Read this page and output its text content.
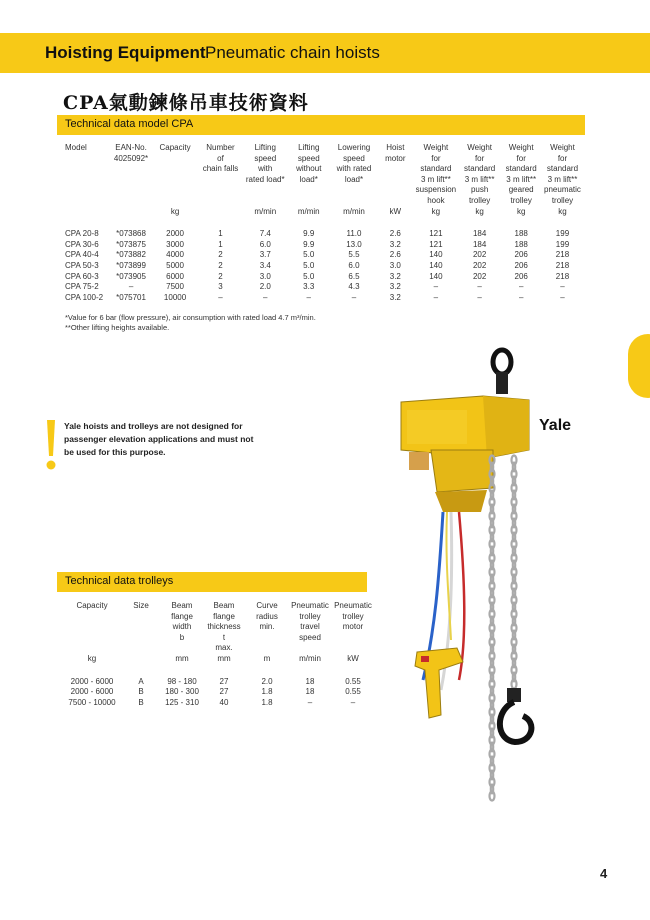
Hoisting Equipment Pneumatic chain hoists
CPA氣動鍊條吊車技術資料
Technical data model CPA
Model	EAN-No.	Capacity	Number	Lifting	Lifting	Lowering	Hoist	Weight	Weight	Weight	Weight
	4025092*		of	speed	speed	speed	motor	for	for	for	for
			chain falls	with	without	with rated		standard	standard	standard	standard
				rated load*	load*	load*		3 m lift**	3 m lift**	3 m lift**	3 m lift**
								suspension	push	geared	pneumatic
								hook	trolley	trolley	trolley
		kg		m/min	m/min	m/min	kW	kg	kg	kg	kg

CPA 20-8	*073868	2000	1	7.4	9.9	11.0	2.6	121	184	188	199
CPA 30-6	*073875	3000	1	6.0	9.9	13.0	3.2	121	184	188	199
CPA 40-4	*073882	4000	2	3.7	5.0	5.5	2.6	140	202	206	218
CPA 50-3	*073899	5000	2	3.4	5.0	6.0	3.0	140	202	206	218
CPA 60-3	*073905	6000	2	3.0	5.0	6.5	3.2	140	202	206	218
CPA 75-2	–	7500	3	2.0	3.3	4.3	3.2	–	–	–	–
CPA 100-2	*075701	10000	–	–	–	–	3.2	–	–	–	–
*Value for 6 bar (flow pressure), air consumption with rated load 4.7 m³/min.
**Other lifting heights available.
Yale hoists and trolleys are not designed for
passenger elevation applications and must not
be used for this purpose.
Yale
Technical data trolleys
Capacity	Size	Beam	Beam	Curve	Pneumatic	Pneumatic
		flange	flange	radius	trolley	trolley
		width	thickness	min.	travel	motor
		b	t		speed	
			max.			
kg		mm	mm	m	m/min	kW

2000 - 6000	A	98 - 180	27	2.0	18	0.55
2000 - 6000	B	180 - 300	27	1.8	18	0.55
7500 - 10000	B	125 - 310	40	1.8	–	–
4
